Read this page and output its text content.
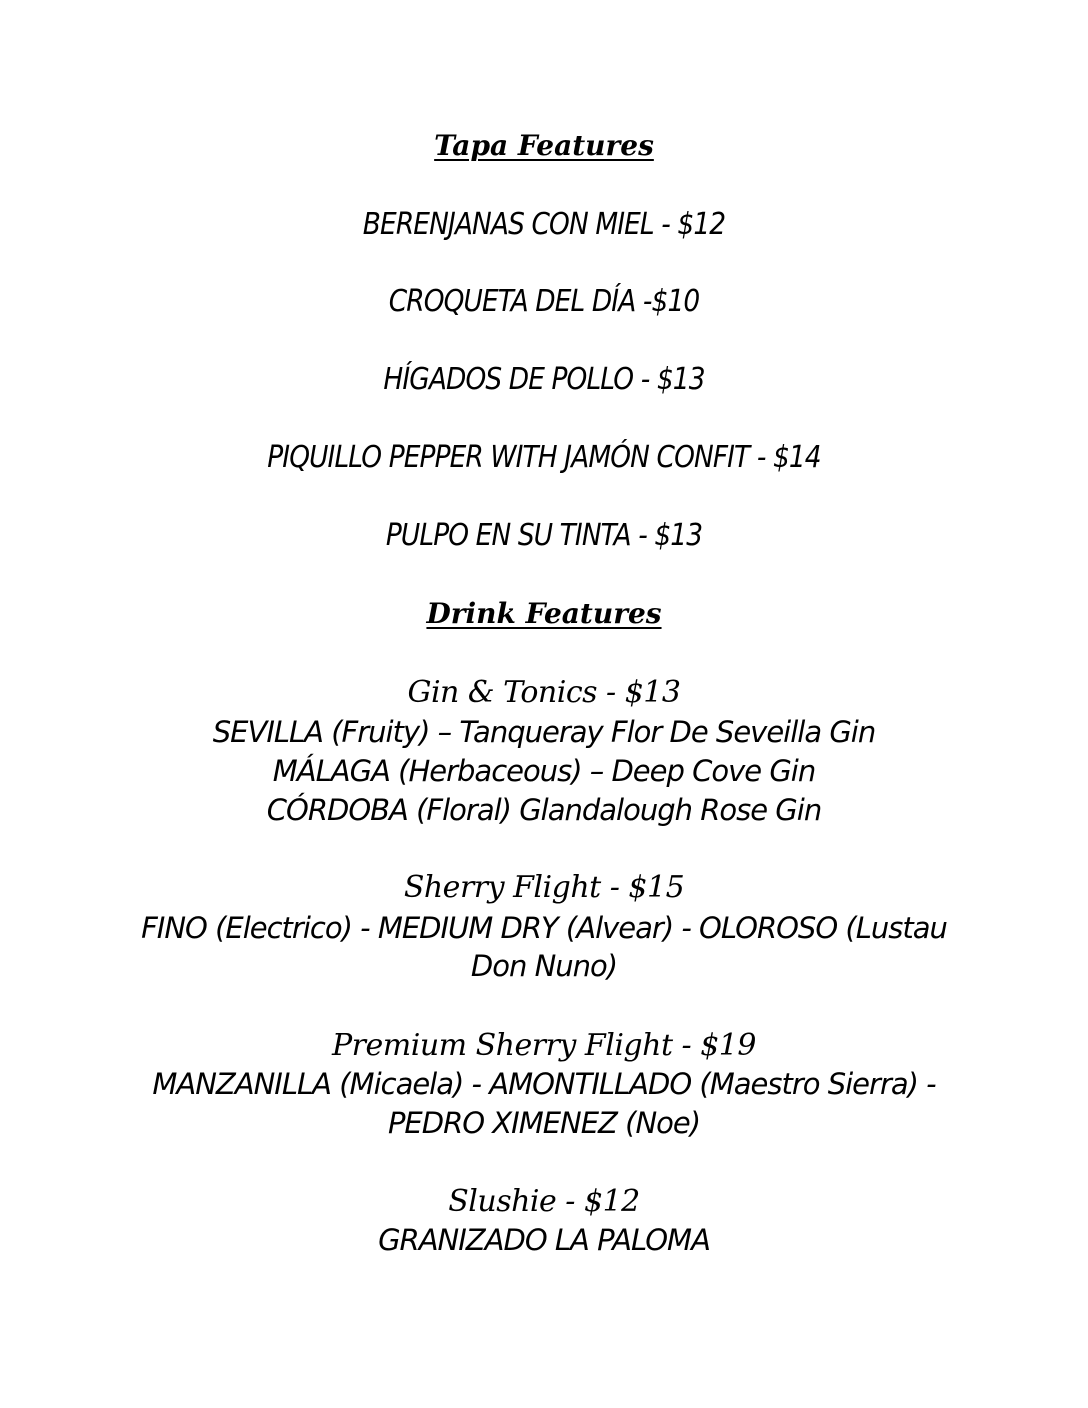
Tapa Features
BERENJANAS CON MIEL - $12
CROQUETA DEL DÍA -$10
HÍGADOS DE POLLO - $13
PIQUILLO PEPPER WITH JAMÓN CONFIT - $14
PULPO EN SU TINTA - $13
Drink Features
Gin & Tonics - $13
SEVILLA (Fruity) – Tanqueray Flor De Seveilla Gin
MÁLAGA (Herbaceous) – Deep Cove Gin
CÓRDOBA (Floral) Glandalough Rose Gin
Sherry Flight - $15
FINO (Electrico) - MEDIUM DRY (Alvear) - OLOROSO (Lustau
Don Nuno)
Premium Sherry Flight - $19
MANZANILLA (Micaela) - AMONTILLADO (Maestro Sierra) -
PEDRO XIMENEZ (Noe)
Slushie - $12
GRANIZADO LA PALOMA
